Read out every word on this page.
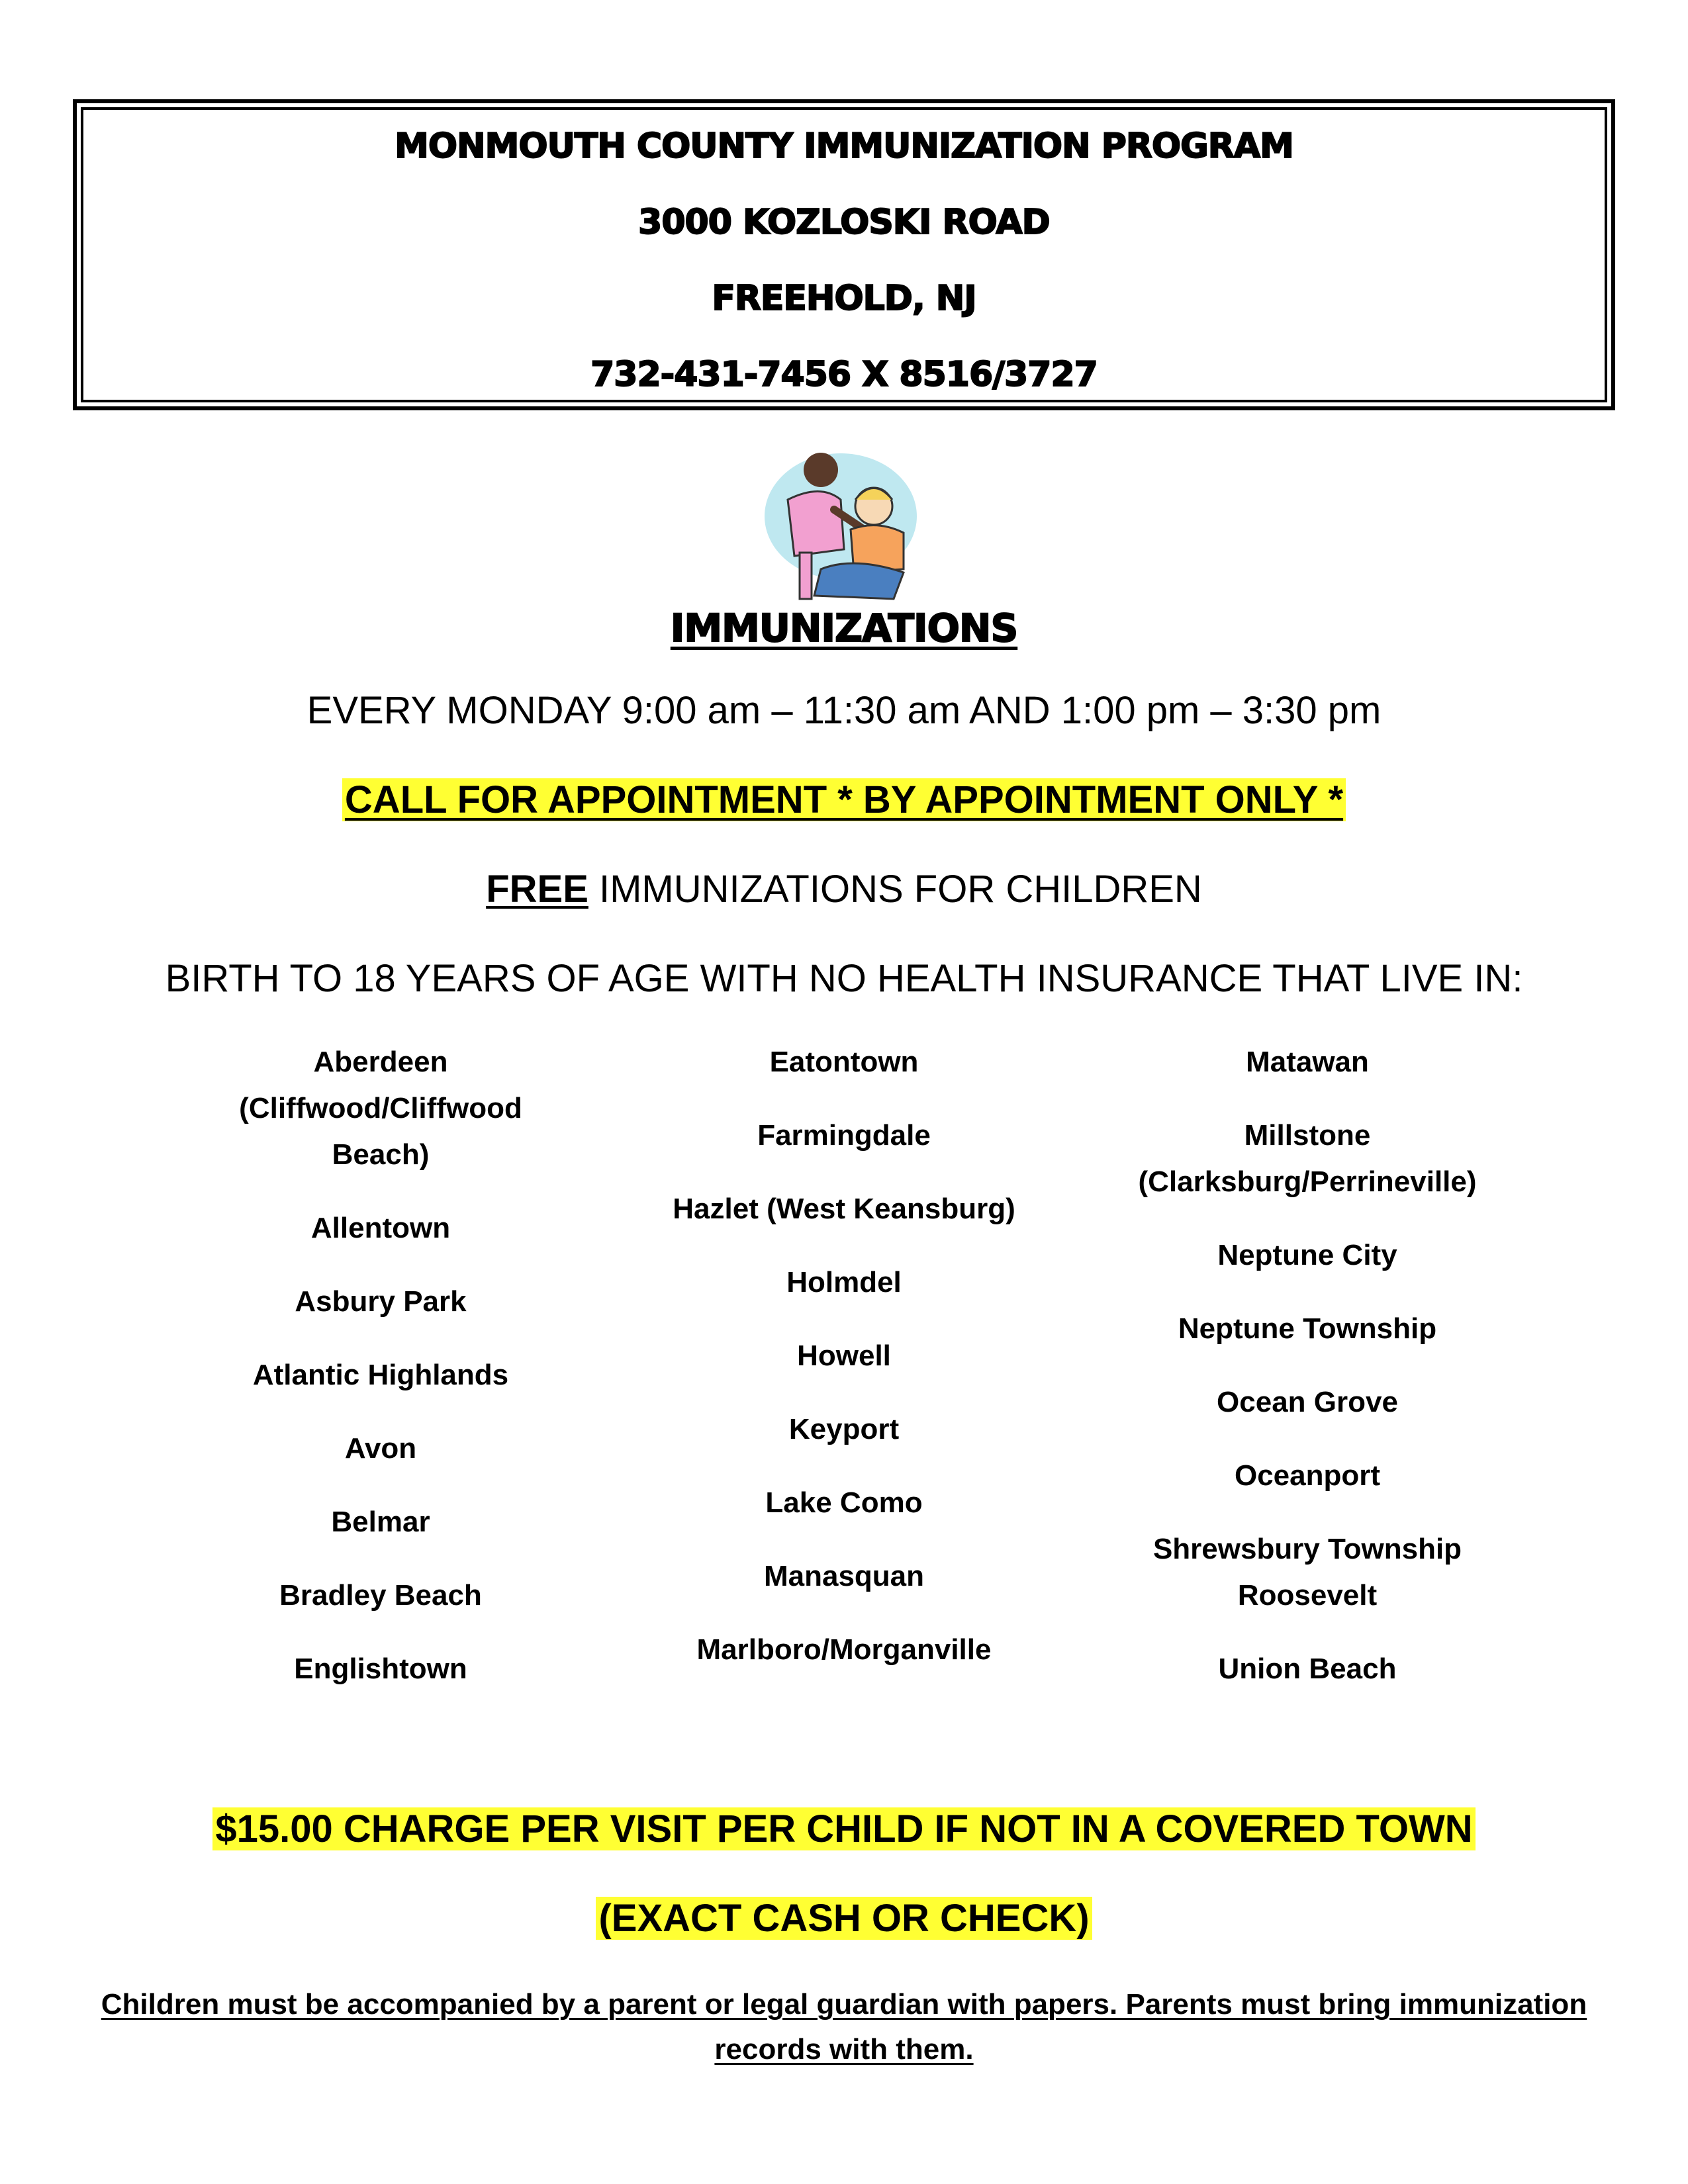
MONMOUTH COUNTY IMMUNIZATION PROGRAM
3000 KOZLOSKI ROAD
FREEHOLD, NJ
732-431-7456 X 8516/3727
IMMUNIZATIONS
EVERY MONDAY 9:00 am – 11:30 am AND 1:00 pm – 3:30 pm
CALL FOR APPOINTMENT * BY APPOINTMENT ONLY *
FREE IMMUNIZATIONS FOR CHILDREN
BIRTH TO 18 YEARS OF AGE WITH NO HEALTH INSURANCE THAT LIVE IN:
Aberdeen
(Cliffwood/Cliffwood
Beach)
Allentown
Asbury Park
Atlantic Highlands
Avon
Belmar
Bradley Beach
Englishtown
Eatontown
Farmingdale
Hazlet (West Keansburg)
Holmdel
Howell
Keyport
Lake Como
Manasquan
Marlboro/Morganville
Matawan
Millstone
(Clarksburg/Perrineville)
Neptune City
Neptune Township
Ocean Grove
Oceanport
Shrewsbury Township
Roosevelt
Union Beach
$15.00 CHARGE PER VISIT PER CHILD IF NOT IN A COVERED TOWN
(EXACT CASH OR CHECK)
Children must be accompanied by a parent or legal guardian with papers. Parents must bring immunization records with them.
